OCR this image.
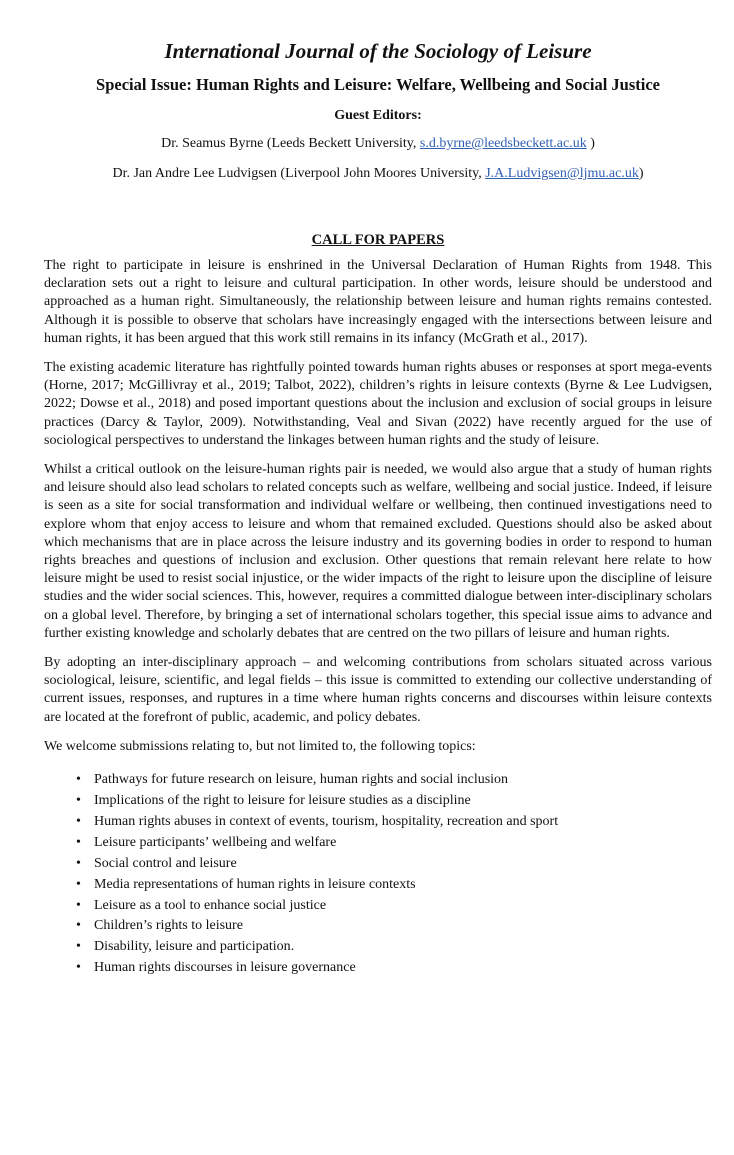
International Journal of the Sociology of Leisure
Special Issue: Human Rights and Leisure: Welfare, Wellbeing and Social Justice

Guest Editors:

Dr. Seamus Byrne (Leeds Beckett University, s.d.byrne@leedsbeckett.ac.uk )

Dr. Jan Andre Lee Ludvigsen (Liverpool John Moores University, J.A.Ludvigsen@ljmu.ac.uk)

CALL FOR PAPERS

The right to participate in leisure is enshrined in the Universal Declaration of Human Rights from 1948. This declaration sets out a right to leisure and cultural participation. In other words, leisure should be understood and approached as a human right. Simultaneously, the relationship between leisure and human rights remains contested. Although it is possible to observe that scholars have increasingly engaged with the intersections between leisure and human rights, it has been argued that this work still remains in its infancy (McGrath et al., 2017).

The existing academic literature has rightfully pointed towards human rights abuses or responses at sport mega-events (Horne, 2017; McGillivray et al., 2019; Talbot, 2022), children’s rights in leisure contexts (Byrne & Lee Ludvigsen, 2022; Dowse et al., 2018) and posed important questions about the inclusion and exclusion of social groups in leisure practices (Darcy & Taylor, 2009). Notwithstanding, Veal and Sivan (2022) have recently argued for the use of sociological perspectives to understand the linkages between human rights and the study of leisure.

Whilst a critical outlook on the leisure-human rights pair is needed, we would also argue that a study of human rights and leisure should also lead scholars to related concepts such as welfare, wellbeing and social justice. Indeed, if leisure is seen as a site for social transformation and individual welfare or wellbeing, then continued investigations need to explore whom that enjoy access to leisure and whom that remained excluded. Questions should also be asked about which mechanisms that are in place across the leisure industry and its governing bodies in order to respond to human rights breaches and questions of inclusion and exclusion. Other questions that remain relevant here relate to how leisure might be used to resist social injustice, or the wider impacts of the right to leisure upon the discipline of leisure studies and the wider social sciences. This, however, requires a committed dialogue between inter-disciplinary scholars on a global level. Therefore, by bringing a set of international scholars together, this special issue aims to advance and further existing knowledge and scholarly debates that are centred on the two pillars of leisure and human rights.

By adopting an inter-disciplinary approach – and welcoming contributions from scholars situated across various sociological, leisure, scientific, and legal fields – this issue is committed to extending our collective understanding of current issues, responses, and ruptures in a time where human rights concerns and discourses within leisure contexts are located at the forefront of public, academic, and policy debates.

We welcome submissions relating to, but not limited to, the following topics:

• Pathways for future research on leisure, human rights and social inclusion
• Implications of the right to leisure for leisure studies as a discipline
• Human rights abuses in context of events, tourism, hospitality, recreation and sport
• Leisure participants’ wellbeing and welfare
• Social control and leisure
• Media representations of human rights in leisure contexts
• Leisure as a tool to enhance social justice
• Children’s rights to leisure
• Disability, leisure and participation.
• Human rights discourses in leisure governance
